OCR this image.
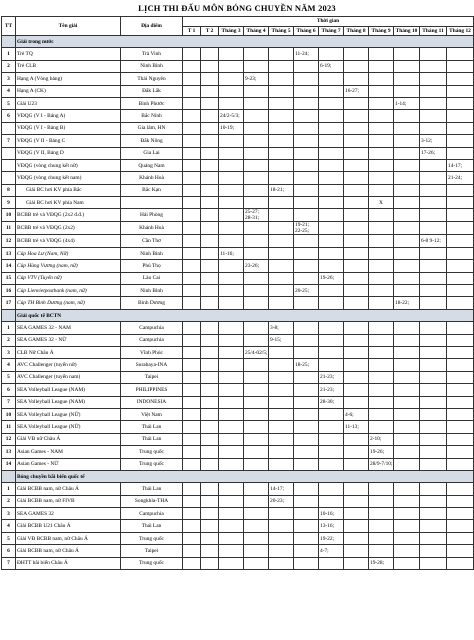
LỊCH THI ĐẤU MÔN BÓNG CHUYỀN NĂM 2023
TT	Tên giải	Địa điểm	Thời gian											
			T 1	T 2	Tháng 3	Tháng 4	Tháng 5	Tháng 6	Tháng 7	Tháng 8	Tháng 9	Tháng 10	Tháng 11	Tháng 12
	Giải trong nước													
1	Trẻ TQ	Trà Vinh						11-24;						
2	Trẻ CLB	Ninh Bình							6-19;					
3	Hạng A (Vòng bảng)	Thái Nguyên				9-23;								
4	Hạng A (CK)	Đắk Lắk								16-27;				
5	Giải U23	Bình Phước										1-14;		
6	VĐQG (V I - Bảng A)	Bắc Ninh			24/2-5/3;									
	VĐQG (V I - Bảng B)	Gia lâm, HN			10-19;									
7	VĐQG (V II - Bảng C	Đắk Nông											3-12;	
	VĐQG (V II, Bảng D	Gia Lai											17-26;	
	VĐQG (vòng chung kết nữ)	Quảng Nam												14-17;
	VĐQG (vòng chung kết nam)	Khánh Hoà												21-24;
8	Giải BC hơi KV phía Bắc	Bắc Kạn					18-21;							
9	Giải BC hơi KV phía Nam										X			
10	BCBB trẻ và VĐQG (2x2 đ.đ.)	Hải Phòng				25-27; 28-31;								
11	BCBB trẻ và VĐQG (2x2)	Khánh Hoà						19-21; 22-25;						
12	BCBB trẻ và VĐQG (4x4)	Cần Thơ											6-8 9-12;	
13	Cúp Hoa Lư (Nam, Nữ)	Ninh Bình			11-16;									
14	Cúp Hùng Vương (nam, nữ)	Phú Thọ				23-26;								
15	Cúp VTV (Tuyển nữ)	Lào Cai							19-26;					
16	Cúp Lienvietpostbank (nam, nữ)	Ninh Bình						20-25;						
17	Cúp TH Bình Dương (nam, nữ)	Bình Dương										18-22;		
	Giải quốc tế BCTN													
1	SEA GAMES 32 - NAM	Campuchia					3-8;							
2	SEA GAMES 32 - NỮ	Campuchia					9-15;							
3	CLB Nữ Châu Á	Vĩnh Phúc				25/4-02/5;								
4	AVC Challenger (tuyển nữ)	Surabaya-INA						18-25;						
5	AVC Challenger (tuyển nam)	Taipei							21-23;					
6	SEA Volleyball League (NAM)	PHILIPPINES							21-23;					
7	SEA Volleyball League (NAM)	INDONESIA							28-30;					
10	SEA Volleyball League (NỮ)	Việt Nam								4-6;				
11	SEA Volleyball League (NỮ)	Thái Lan								11-13;				
12	Giải VĐ nữ Châu Á	Thái Lan									2-10;			
13	Asian Games - NAM	Trung quốc									19-26;			
14	Asian Games - NỮ	Trung quốc									28/9-7/10;			
	Bóng chuyền bãi biển quốc tế													
1	Giải BCBB nam, nữ Châu Á	Thái Lan					14-17;							
2	Giải BCBB nam, nữ FIVB	Songkhla-THA					20-23;							
3	SEA GAMES 32	Campuchia							10-16;					
4	Giải BCBB U21 Châu Á	Thái Lan							13-16;					
5	Giải VĐ BCBB nam, nữ Châu Á	Trung quốc							19-22;					
6	Giải BCBB nam, nữ Châu Á	Taipei							4-7;					
7	ĐHTT bãi biển Châu Á	Trung quốc									19-28;			
